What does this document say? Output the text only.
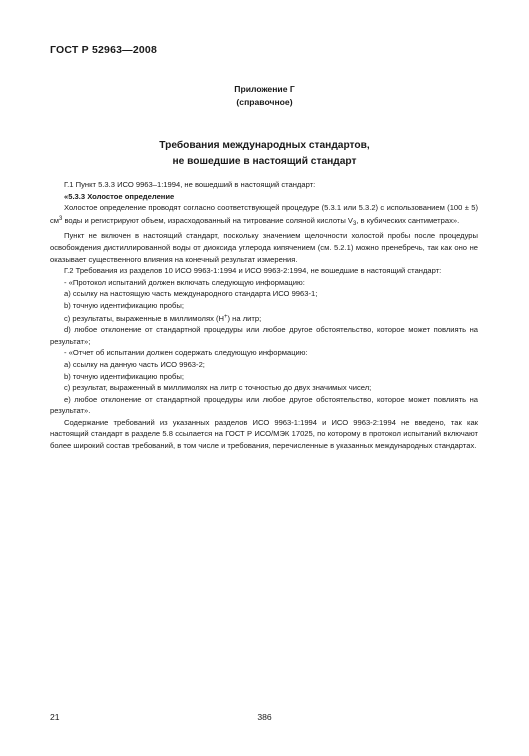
ГОСТ Р 52963—2008
Приложение Г
(справочное)
Требования международных стандартов,
не вошедшие в настоящий стандарт

Г.1 Пункт 5.3.3 ИСО 9963–1:1994, не вошедший в настоящий стандарт:

«5.3.3 Холостое определение

Холостое определение проводят согласно соответствующей процедуре (5.3.1 или 5.3.2) с использованием (100 ± 5) $см^3$ воды и регистрируют объем, израсходованный на титрование соляной кислоты $V_3$, в кубических сантиметрах».

Пункт не включен в настоящий стандарт, поскольку значением щелочности холостой пробы после процедуры освобождения дистиллированной воды от диоксида углерода кипячением (см. 5.2.1) можно пренебречь, так как оно не оказывает существенного влияния на конечный результат измерения.

Г.2 Требования из разделов 10 ИСО 9963-1:1994 и ИСО 9963-2:1994, не вошедшие в настоящий стандарт:

- «Протокол испытаний должен включать следующую информацию:

а) ссылку на настоящую часть международного стандарта ИСО 9963-1;

b) точную идентификацию пробы;

с) результаты, выраженные в миллимолях (Н+) на литр;

d) любое отклонение от стандартной процедуры или любое другое обстоятельство, которое может повлиять на результат»;

- «Отчет об испытании должен содержать следующую информацию:

а) ссылку на данную часть ИСО 9963-2;

b) точную идентификацию пробы;

с) результат, выраженный в миллимолях на литр с точностью до двух значимых чисел;

е) любое отклонение от стандартной процедуры или любое другое обстоятельство, которое может повлиять на результат».

Содержание требований из указанных разделов ИСО 9963-1:1994 и ИСО 9963-2:1994 не введено, так как настоящий стандарт в разделе 5.8 ссылается на ГОСТ Р ИСО/МЭК 17025, по которому в протокол испытаний включают более широкий состав требований, в том числе и требования, перечисленные в указанных международных стандартах.

21	386
